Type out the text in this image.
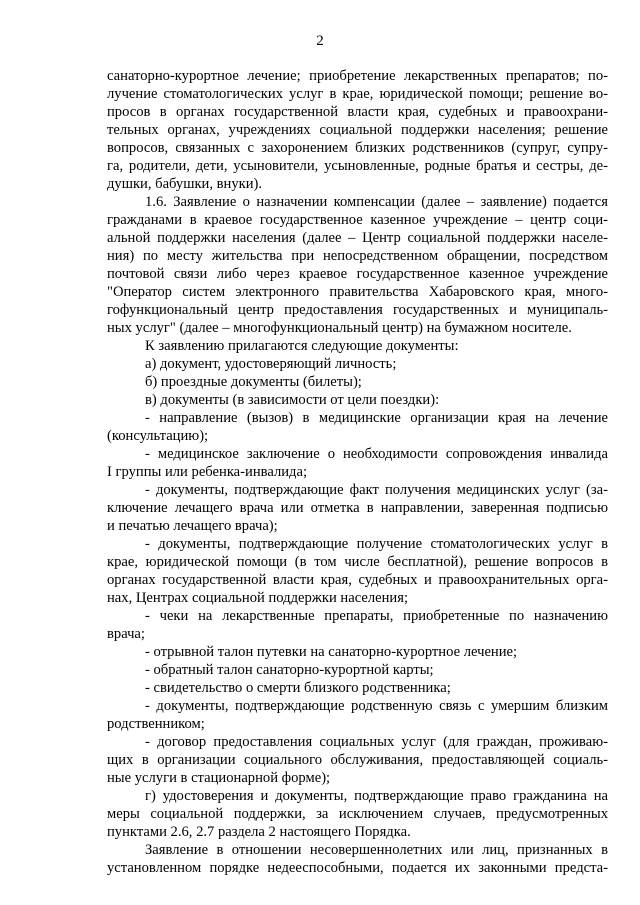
2
санаторно-курортное лечение; приобретение лекарственных препаратов; по-
лучение стоматологических услуг в крае, юридической помощи; решение во-
просов в органах государственной власти края, судебных и правоохрани-
тельных органах, учреждениях социальной поддержки населения; решение
вопросов, связанных с захоронением близких родственников (супруг, супру-
га, родители, дети, усыновители, усыновленные, родные братья и сестры, де-
душки, бабушки, внуки).
1.6. Заявление о назначении компенсации (далее – заявление) подается
гражданами в краевое государственное казенное учреждение – центр соци-
альной поддержки населения (далее – Центр социальной поддержки населе-
ния) по месту жительства при непосредственном обращении, посредством
почтовой связи либо через краевое государственное казенное учреждение
"Оператор систем электронного правительства Хабаровского края, много-
гофункциональный центр предоставления государственных и муниципаль-
ных услуг" (далее – многофункциональный центр) на бумажном носителе.
К заявлению прилагаются следующие документы:
а) документ, удостоверяющий личность;
б) проездные документы (билеты);
в) документы (в зависимости от цели поездки):
- направление (вызов) в медицинские организации края на лечение
(консультацию);
- медицинское заключение о необходимости сопровождения инвалида
I группы или ребенка-инвалида;
- документы, подтверждающие факт получения медицинских услуг (за-
ключение лечащего врача или отметка в направлении, заверенная подписью
и печатью лечащего врача);
- документы, подтверждающие получение стоматологических услуг в
крае, юридической помощи (в том числе бесплатной), решение вопросов в
органах государственной власти края, судебных и правоохранительных орга-
нах, Центрах социальной поддержки населения;
- чеки на лекарственные препараты, приобретенные по назначению
врача;
- отрывной талон путевки на санаторно-курортное лечение;
- обратный талон санаторно-курортной карты;
- свидетельство о смерти близкого родственника;
- документы, подтверждающие родственную связь с умершим близким
родственником;
- договор предоставления социальных услуг (для граждан, проживаю-
щих в организации социального обслуживания, предоставляющей социаль-
ные услуги в стационарной форме);
г) удостоверения и документы, подтверждающие право гражданина на
меры социальной поддержки, за исключением случаев, предусмотренных
пунктами 2.6, 2.7 раздела 2 настоящего Порядка.
Заявление в отношении несовершеннолетних или лиц, признанных в
установленном порядке недееспособными, подается их законными предста-
